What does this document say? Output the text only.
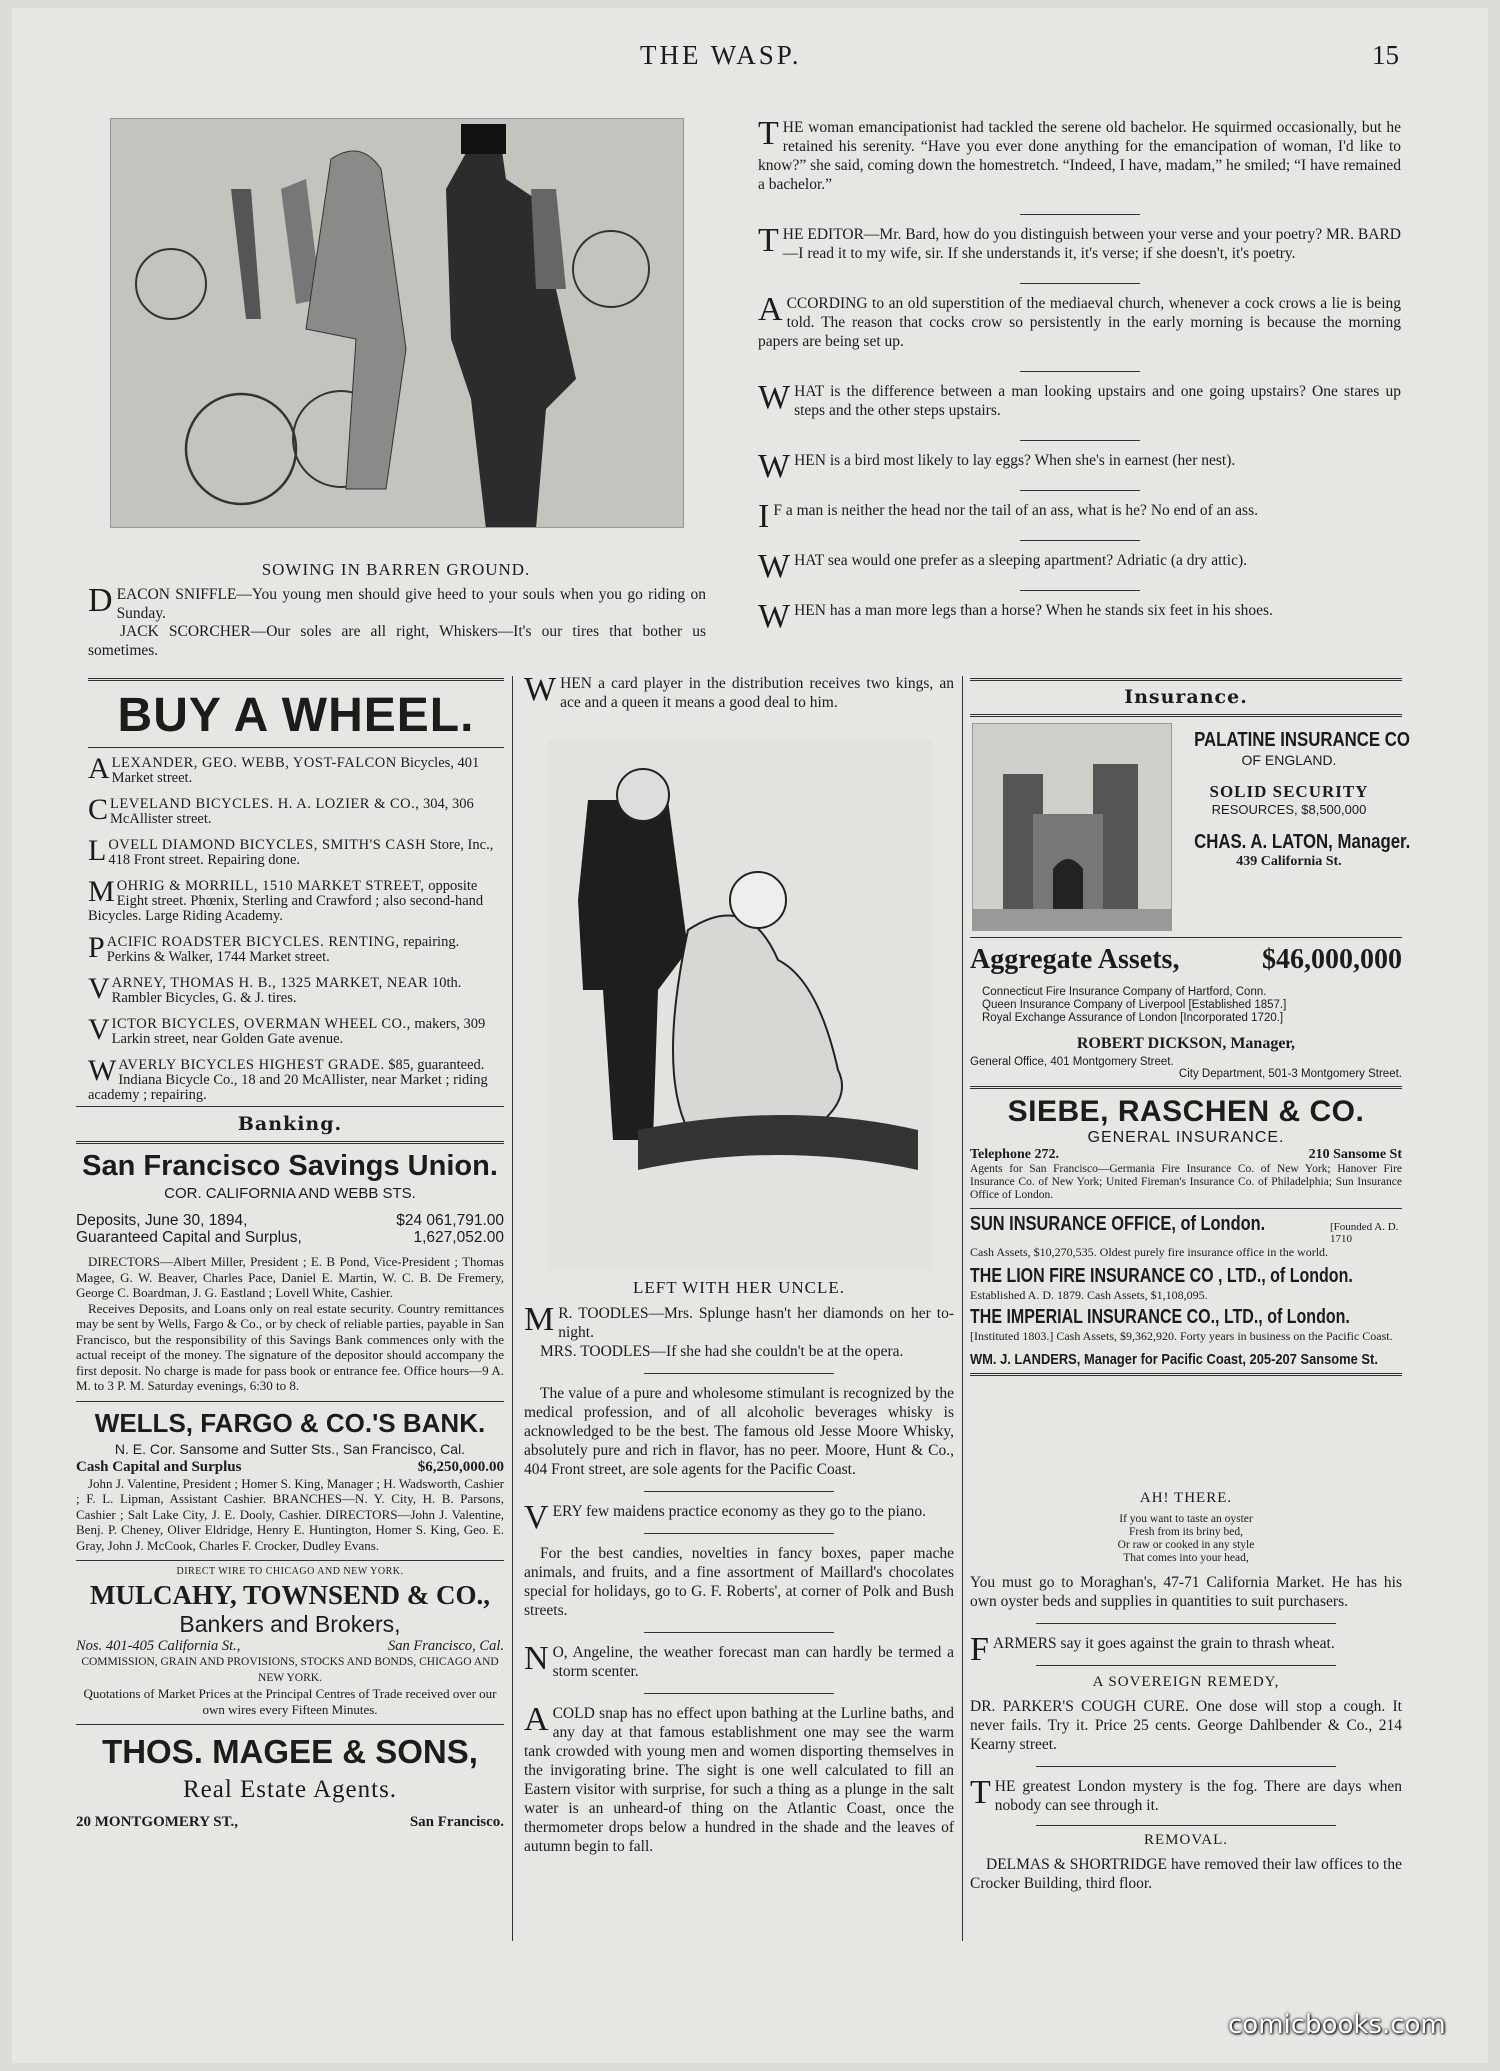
THE WASP.	15
SOWING IN BARREN GROUND.
DEACON SNIFFLE—You young men should give heed to your souls when you go riding on Sunday.
JACK SCORCHER—Our soles are all right, Whiskers—It's our tires that bother us sometimes.
THE woman emancipationist had tackled the serene old bachelor. He squirmed occasionally, but he retained his serenity. “Have you ever done anything for the emancipation of woman, I'd like to know?” she said, coming down the homestretch. “Indeed, I have, madam,” he smiled; “I have remained a bachelor.”
THE EDITOR—Mr. Bard, how do you distinguish between your verse and your poetry? MR. BARD—I read it to my wife, sir. If she understands it, it's verse; if she doesn't, it's poetry.
ACCORDING to an old superstition of the mediaeval church, whenever a cock crows a lie is being told. The reason that cocks crow so persistently in the early morning is because the morning papers are being set up.
WHAT is the difference between a man looking upstairs and one going upstairs? One stares up steps and the other steps upstairs.
WHEN is a bird most likely to lay eggs? When she's in earnest (her nest).
IF a man is neither the head nor the tail of an ass, what is he? No end of an ass.
WHAT sea would one prefer as a sleeping apartment? Adriatic (a dry attic).
WHEN has a man more legs than a horse? When he stands six feet in his shoes.
BUY A WHEEL.
ALEXANDER, GEO. WEBB, YOST-FALCON Bicycles, 401 Market street.
CLEVELAND BICYCLES. H. A. LOZIER & CO., 304, 306 McAllister street.
LOVELL DIAMOND BICYCLES, SMITH'S CASH Store, Inc., 418 Front street. Repairing done.
MOHRIG & MORRILL, 1510 MARKET STREET, opposite Eight street. Phœnix, Sterling and Crawford ; also second-hand Bicycles. Large Riding Academy.
PACIFIC ROADSTER BICYCLES. RENTING, repairing. Perkins & Walker, 1744 Market street.
VARNEY, THOMAS H. B., 1325 MARKET, NEAR 10th. Rambler Bicycles, G. & J. tires.
VICTOR BICYCLES, OVERMAN WHEEL CO., makers, 309 Larkin street, near Golden Gate avenue.
WAVERLY BICYCLES HIGHEST GRADE. $85, guaranteed. Indiana Bicycle Co., 18 and 20 McAllister, near Market ; riding academy ; repairing.
Banking.
San Francisco Savings Union.
COR. CALIFORNIA AND WEBB STS.
Deposits, June 30, 1894,	$24 061,791.00
Guaranteed Capital and Surplus,	1,627,052.00
DIRECTORS—Albert Miller, President ; E. B Pond, Vice-President ; Thomas Magee, G. W. Beaver, Charles Pace, Daniel E. Martin, W. C. B. De Fremery, George C. Boardman, J. G. Eastland ; Lovell White, Cashier.
Receives Deposits, and Loans only on real estate security. Country remittances may be sent by Wells, Fargo & Co., or by check of reliable parties, payable in San Francisco, but the responsibility of this Savings Bank commences only with the actual receipt of the money. The signature of the depositor should accompany the first deposit. No charge is made for pass book or entrance fee. Office hours—9 A. M. to 3 P. M. Saturday evenings, 6:30 to 8.
WELLS, FARGO & CO.'S BANK.
N. E. Cor. Sansome and Sutter Sts., San Francisco, Cal.
Cash Capital and Surplus	$6,250,000.00
John J. Valentine, President ; Homer S. King, Manager ; H. Wadsworth, Cashier ; F. L. Lipman, Assistant Cashier. BRANCHES—N. Y. City, H. B. Parsons, Cashier ; Salt Lake City, J. E. Dooly, Cashier. DIRECTORS—John J. Valentine, Benj. P. Cheney, Oliver Eldridge, Henry E. Huntington, Homer S. King, Geo. E. Gray, John J. McCook, Charles F. Crocker, Dudley Evans.
DIRECT WIRE TO CHICAGO AND NEW YORK.
MULCAHY, TOWNSEND & CO.,
Bankers and Brokers,
Nos. 401-405 California St.,	San Francisco, Cal.
COMMISSION, GRAIN AND PROVISIONS, STOCKS AND BONDS, CHICAGO AND NEW YORK.
Quotations of Market Prices at the Principal Centres of Trade received over our own wires every Fifteen Minutes.
THOS. MAGEE & SONS,
Real Estate Agents.
20 MONTGOMERY ST.,	San Francisco.
WHEN a card player in the distribution receives two kings, an ace and a queen it means a good deal to him.
LEFT WITH HER UNCLE.
MR. TOODLES—Mrs. Splunge hasn't her diamonds on her to-night.
MRS. TOODLES—If she had she couldn't be at the opera.
The value of a pure and wholesome stimulant is recognized by the medical profession, and of all alcoholic beverages whisky is acknowledged to be the best. The famous old Jesse Moore Whisky, absolutely pure and rich in flavor, has no peer. Moore, Hunt & Co., 404 Front street, are sole agents for the Pacific Coast.
VERY few maidens practice economy as they go to the piano.
For the best candies, novelties in fancy boxes, paper mache animals, and fruits, and a fine assortment of Maillard's chocolates special for holidays, go to G. F. Roberts', at corner of Polk and Bush streets.
NO, Angeline, the weather forecast man can hardly be termed a storm scenter.
ACOLD snap has no effect upon bathing at the Lurline baths, and any day at that famous establishment one may see the warm tank crowded with young men and women disporting themselves in the invigorating brine. The sight is one well calculated to fill an Eastern visitor with surprise, for such a thing as a plunge in the salt water is an unheard-of thing on the Atlantic Coast, once the thermometer drops below a hundred in the shade and the leaves of autumn begin to fall.
Insurance.
PALATINE INSURANCE CO
OF ENGLAND.
SOLID SECURITY
RESOURCES, $8,500,000
CHAS. A. LATON, Manager.
439 California St.
Aggregate Assets,	$46,000,000
Connecticut Fire Insurance Company of Hartford, Conn.
Queen Insurance Company of Liverpool [Established 1857.]
Royal Exchange Assurance of London [Incorporated 1720.]
ROBERT DICKSON, Manager,
General Office, 401 Montgomery Street.
City Department, 501-3 Montgomery Street.
SIEBE, RASCHEN & CO.
GENERAL INSURANCE.
Telephone 272.	210 Sansome St
Agents for San Francisco—Germania Fire Insurance Co. of New York; Hanover Fire Insurance Co. of New York; United Fireman's Insurance Co. of Philadelphia; Sun Insurance Office of London.
SUN INSURANCE OFFICE, of London.	[Founded A. D. 1710
Cash Assets, $10,270,535. Oldest purely fire insurance office in the world.
THE LION FIRE INSURANCE CO , LTD., of London.
Established A. D. 1879. Cash Assets, $1,108,095.
THE IMPERIAL INSURANCE CO., LTD., of London.
[Instituted 1803.] Cash Assets, $9,362,920. Forty years in business on the Pacific Coast.
WM. J. LANDERS, Manager for Pacific Coast, 205-207 Sansome St.
AH! THERE.
If you want to taste an oyster
Fresh from its briny bed,
Or raw or cooked in any style
That comes into your head,
You must go to Moraghan's, 47-71 California Market. He has his own oyster beds and supplies in quantities to suit purchasers.
FARMERS say it goes against the grain to thrash wheat.
A SOVEREIGN REMEDY,
DR. PARKER'S COUGH CURE. One dose will stop a cough. It never fails. Try it. Price 25 cents. George Dahlbender & Co., 214 Kearny street.
THE greatest London mystery is the fog. There are days when nobody can see through it.
REMOVAL.
DELMAS & SHORTRIDGE have removed their law offices to the Crocker Building, third floor.
comicbooks.com
